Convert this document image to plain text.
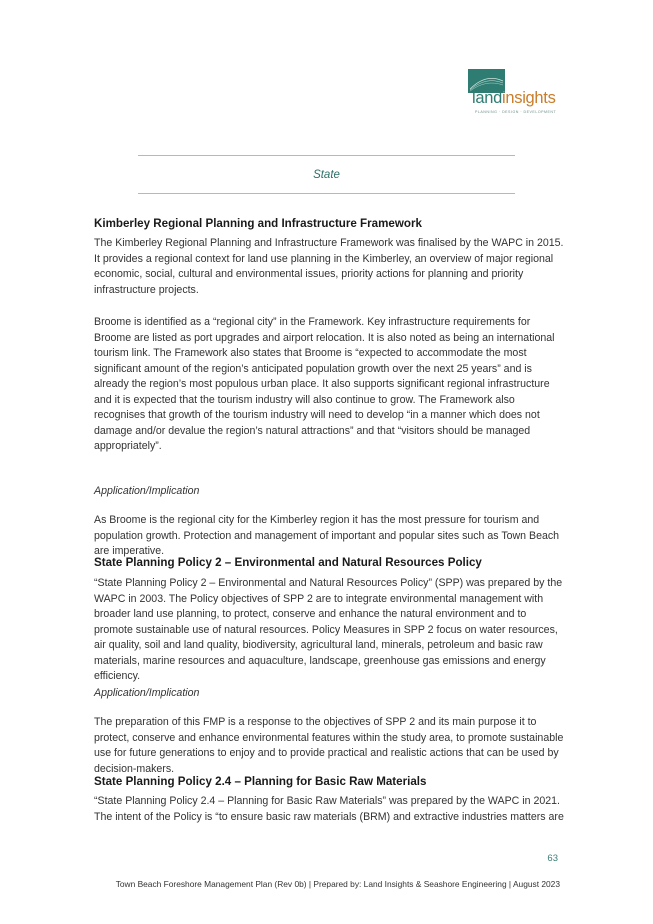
landinsights
PLANNING · DESIGN · DEVELOPMENT
State
Kimberley Regional Planning and Infrastructure Framework
The Kimberley Regional Planning and Infrastructure Framework was finalised by the WAPC in 2015. It provides a regional context for land use planning in the Kimberley, an overview of major regional economic, social, cultural and environmental issues, priority actions for planning and priority infrastructure projects.
Broome is identified as a “regional city” in the Framework. Key infrastructure requirements for Broome are listed as port upgrades and airport relocation. It is also noted as being an international tourism link. The Framework also states that Broome is “expected to accommodate the most significant amount of the region’s anticipated population growth over the next 25 years” and is already the region’s most populous urban place. It also supports significant regional infrastructure and it is expected that the tourism industry will also continue to grow. The Framework also recognises that growth of the tourism industry will need to develop “in a manner which does not damage and/or devalue the region’s natural attractions” and that “visitors should be managed appropriately”.
Application/Implication
As Broome is the regional city for the Kimberley region it has the most pressure for tourism and population growth. Protection and management of important and popular sites such as Town Beach are imperative.
State Planning Policy 2 – Environmental and Natural Resources Policy
“State Planning Policy 2 – Environmental and Natural Resources Policy” (SPP) was prepared by the WAPC in 2003. The Policy objectives of SPP 2 are to integrate environmental management with broader land use planning, to protect, conserve and enhance the natural environment and to promote sustainable use of natural resources. Policy Measures in SPP 2 focus on water resources, air quality, soil and land quality, biodiversity, agricultural land, minerals, petroleum and basic raw materials, marine resources and aquaculture, landscape, greenhouse gas emissions and energy efficiency.
Application/Implication
The preparation of this FMP is a response to the objectives of SPP 2 and its main purpose it to protect, conserve and enhance environmental features within the study area, to promote sustainable use for future generations to enjoy and to provide practical and realistic actions that can be used by decision-makers.
State Planning Policy 2.4 – Planning for Basic Raw Materials
“State Planning Policy 2.4 – Planning for Basic Raw Materials” was prepared by the WAPC in 2021. The intent of the Policy is “to ensure basic raw materials (BRM) and extractive industries matters are
63
Town Beach Foreshore Management Plan (Rev 0b) | Prepared by: Land Insights & Seashore Engineering | August 2023
